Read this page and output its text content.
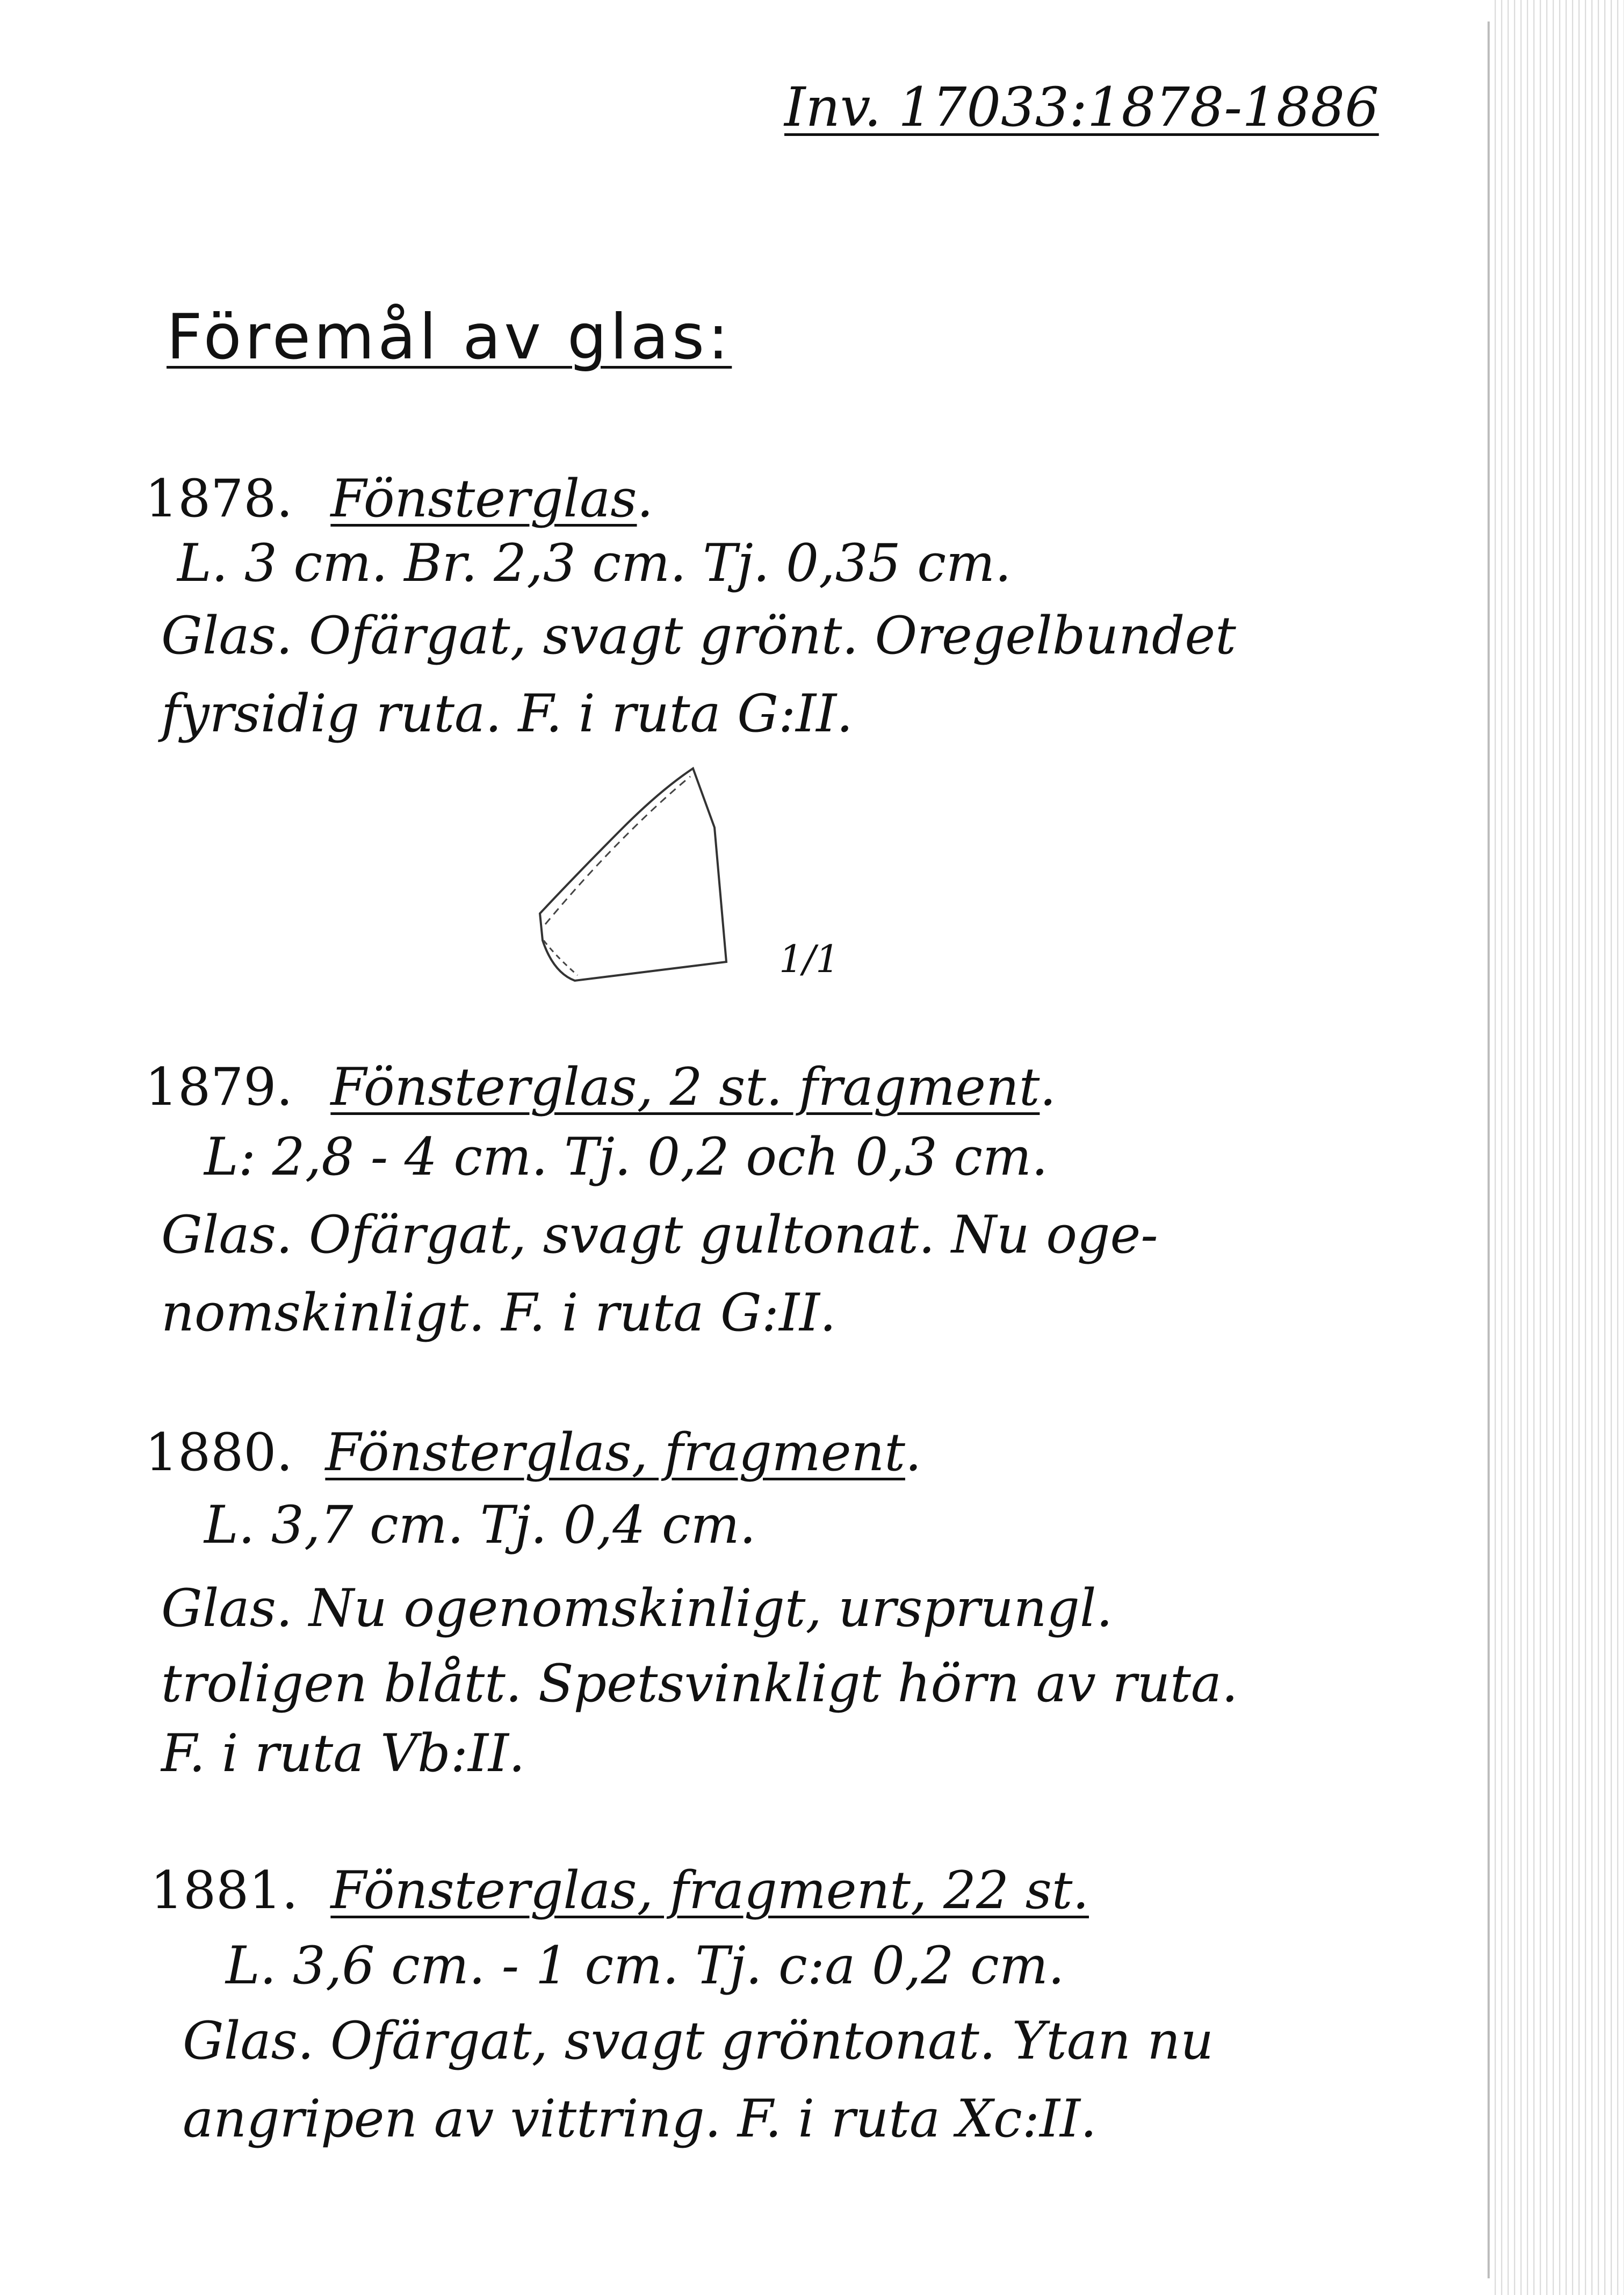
Inv. 17033:1878-1886
Föremål av glas:
1878. Fönsterglas.
L. 3 cm. Br. 2,3 cm. Tj. 0,35 cm.
Glas. Ofärgat, svagt grönt. Oregelbundet
fyrsidig ruta. F. i ruta G:II.
1/1
1879. Fönsterglas, 2 st. fragment.
L: 2,8 - 4 cm. Tj. 0,2 och 0,3 cm.
Glas. Ofärgat, svagt gultonat. Nu oge-
nomskinligt. F. i ruta G:II.
1880. Fönsterglas, fragment.
L. 3,7 cm. Tj. 0,4 cm.
Glas. Nu ogenomskinligt, ursprungl.
troligen blått. Spetsvinkligt hörn av ruta.
F. i ruta Vb:II.
1881. Fönsterglas, fragment, 22 st.
L. 3,6 cm. - 1 cm. Tj. c:a 0,2 cm.
Glas. Ofärgat, svagt gröntonat. Ytan nu
angripen av vittring. F. i ruta Xc:II.
